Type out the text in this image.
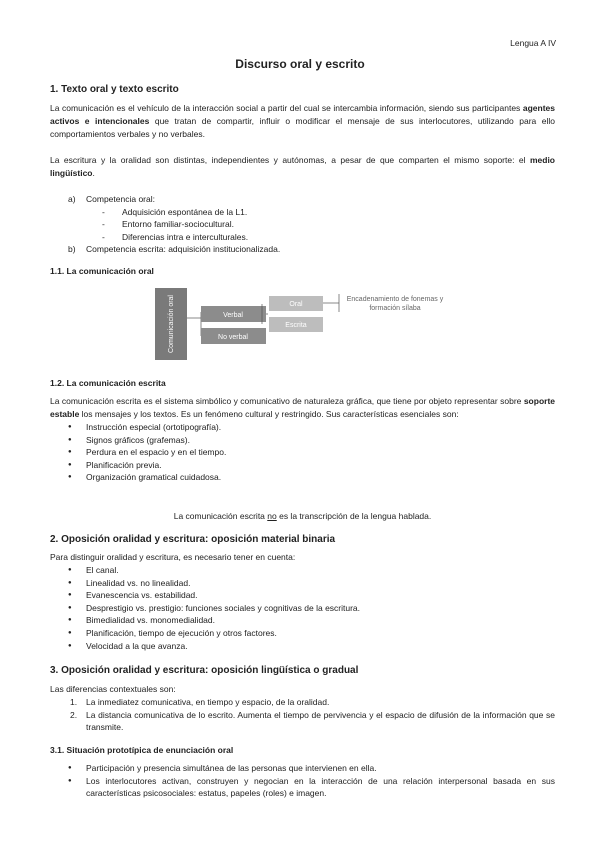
Lengua A IV
Discurso oral y escrito
1. Texto oral y texto escrito

La comunicación es el vehículo de la interacción social a partir del cual se intercambia información, siendo sus participantes agentes activos e intencionales que tratan de compartir, influir o modificar el mensaje de sus interlocutores, utilizando para ello comportamientos verbales y no verbales.

La escritura y la oralidad son distintas, independientes y autónomas, a pesar de que comparten el mismo soporte: el medio lingüístico.

a) Competencia oral:
- Adquisición espontánea de la L1.
- Entorno familiar-sociocultural.
- Diferencias intra e interculturales.
b) Competencia escrita: adquisición institucionalizada.
1.1. La comunicación oral
Comunicación oral	Verbal
No verbal
Oral
Escrita
Encadenamiento de fonemas y
formación sílaba
1.2. La comunicación escrita

La comunicación escrita es el sistema simbólico y comunicativo de naturaleza gráfica, que tiene por objeto representar sobre soporte estable los mensajes y los textos. Es un fenómeno cultural y restringido. Sus características esenciales son:

● Instrucción especial (ortotipografía).
● Signos gráficos (grafemas).
● Perdura en el espacio y en el tiempo.
● Planificación previa.
● Organización gramatical cuidadosa.

La comunicación escrita no es la transcripción de la lengua hablada.

2. Oposición oralidad y escritura: oposición material binaria

Para distinguir oralidad y escritura, es necesario tener en cuenta:

● El canal.
● Linealidad vs. no linealidad.
● Evanescencia vs. estabilidad.
● Desprestigio vs. prestigio: funciones sociales y cognitivas de la escritura.
● Bimedialidad vs. monomedialidad.
● Planificación, tiempo de ejecución y otros factores.
● Velocidad a la que avanza.
3. Oposición oralidad y escritura: oposición lingüística o gradual

Las diferencias contextuales son:

1. La inmediatez comunicativa, en tiempo y espacio, de la oralidad.
2. La distancia comunicativa de lo escrito. Aumenta el tiempo de pervivencia y el espacio de difusión de la información que se transmite.
3.1. Situación prototípica de enunciación oral
● Participación y presencia simultánea de las personas que intervienen en ella.
● Los interlocutores activan, construyen y negocian en la interacción de una relación interpersonal basada en sus características psicosociales: estatus, papeles (roles) e imagen.
